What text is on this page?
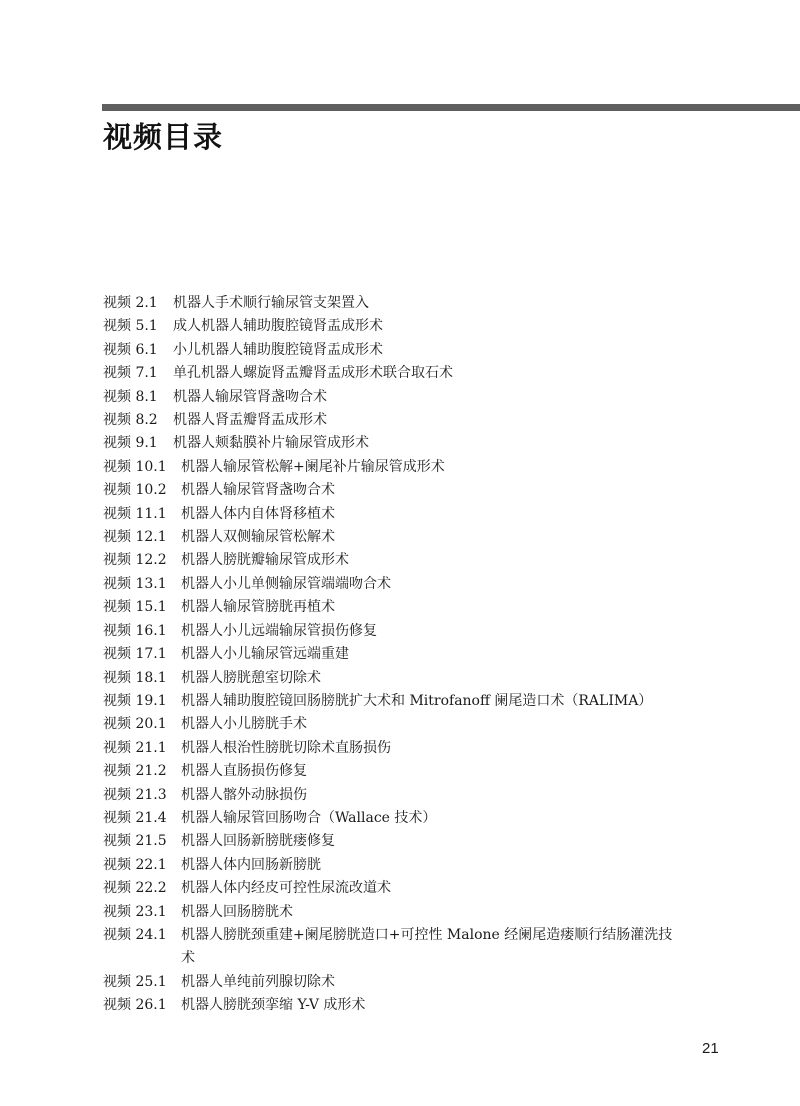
视频目录
视频 2.1	机器人手术顺行输尿管支架置入
视频 5.1	成人机器人辅助腹腔镜肾盂成形术
视频 6.1	小儿机器人辅助腹腔镜肾盂成形术
视频 7.1	单孔机器人螺旋肾盂瓣肾盂成形术联合取石术
视频 8.1	机器人输尿管肾盏吻合术
视频 8.2	机器人肾盂瓣肾盂成形术
视频 9.1	机器人颊黏膜补片输尿管成形术
视频 10.1	机器人输尿管松解+阑尾补片输尿管成形术
视频 10.2	机器人输尿管肾盏吻合术
视频 11.1	机器人体内自体肾移植术
视频 12.1	机器人双侧输尿管松解术
视频 12.2	机器人膀胱瓣输尿管成形术
视频 13.1	机器人小儿单侧输尿管端端吻合术
视频 15.1	机器人输尿管膀胱再植术
视频 16.1	机器人小儿远端输尿管损伤修复
视频 17.1	机器人小儿输尿管远端重建
视频 18.1	机器人膀胱憩室切除术
视频 19.1	机器人辅助腹腔镜回肠膀胱扩大术和 Mitrofanoff 阑尾造口术（RALIMA）
视频 20.1	机器人小儿膀胱手术
视频 21.1	机器人根治性膀胱切除术直肠损伤
视频 21.2	机器人直肠损伤修复
视频 21.3	机器人髂外动脉损伤
视频 21.4	机器人输尿管回肠吻合（Wallace 技术）
视频 21.5	机器人回肠新膀胱瘘修复
视频 22.1	机器人体内回肠新膀胱
视频 22.2	机器人体内经皮可控性尿流改道术
视频 23.1	机器人回肠膀胱术
视频 24.1	机器人膀胱颈重建+阑尾膀胱造口+可控性 Malone 经阑尾造瘘顺行结肠灌洗技术
视频 25.1	机器人单纯前列腺切除术
视频 26.1	机器人膀胱颈挛缩 Y-V 成形术
21
